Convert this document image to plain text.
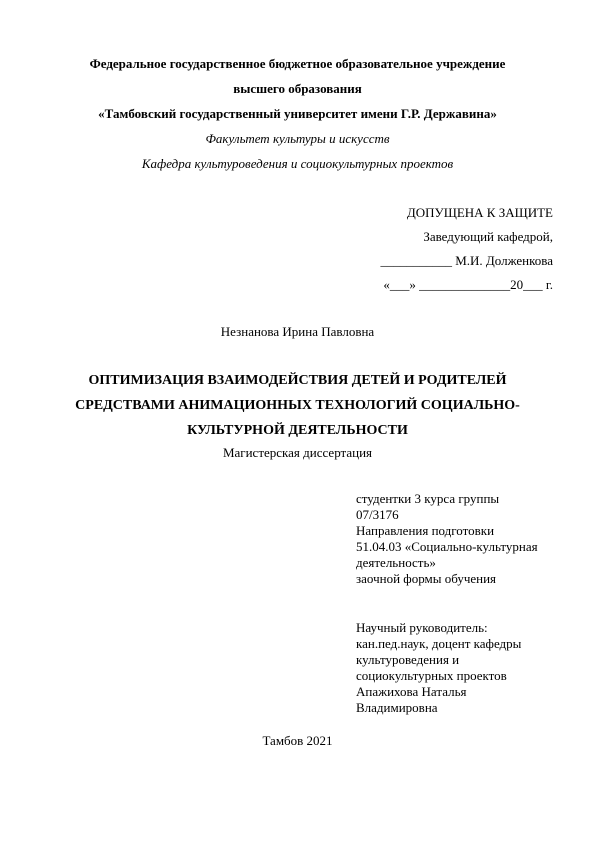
Федеральное государственное бюджетное образовательное учреждение
высшего образования
«Тамбовский государственный университет имени Г.Р. Державина»
Факультет культуры и искусств
Кафедра культуроведения и социокультурных проектов
ДОПУЩЕНА К ЗАЩИТЕ
Заведующий кафедрой,
___________ М.И. Долженкова
«___» ______________20___ г.
Незнанова Ирина Павловна
ОПТИМИЗАЦИЯ ВЗАИМОДЕЙСТВИЯ ДЕТЕЙ И РОДИТЕЛЕЙ
СРЕДСТВАМИ АНИМАЦИОННЫХ ТЕХНОЛОГИЙ СОЦИАЛЬНО-
КУЛЬТУРНОЙ ДЕЯТЕЛЬНОСТИ
Магистерская диссертация
студентки 3 курса группы
07/3176
Направления подготовки
51.04.03 «Социально-культурная
деятельность»
заочной формы обучения
Научный руководитель:
кан.пед.наук, доцент кафедры
культуроведения и
социокультурных проектов
Апажихова Наталья
Владимировна
Тамбов 2021
